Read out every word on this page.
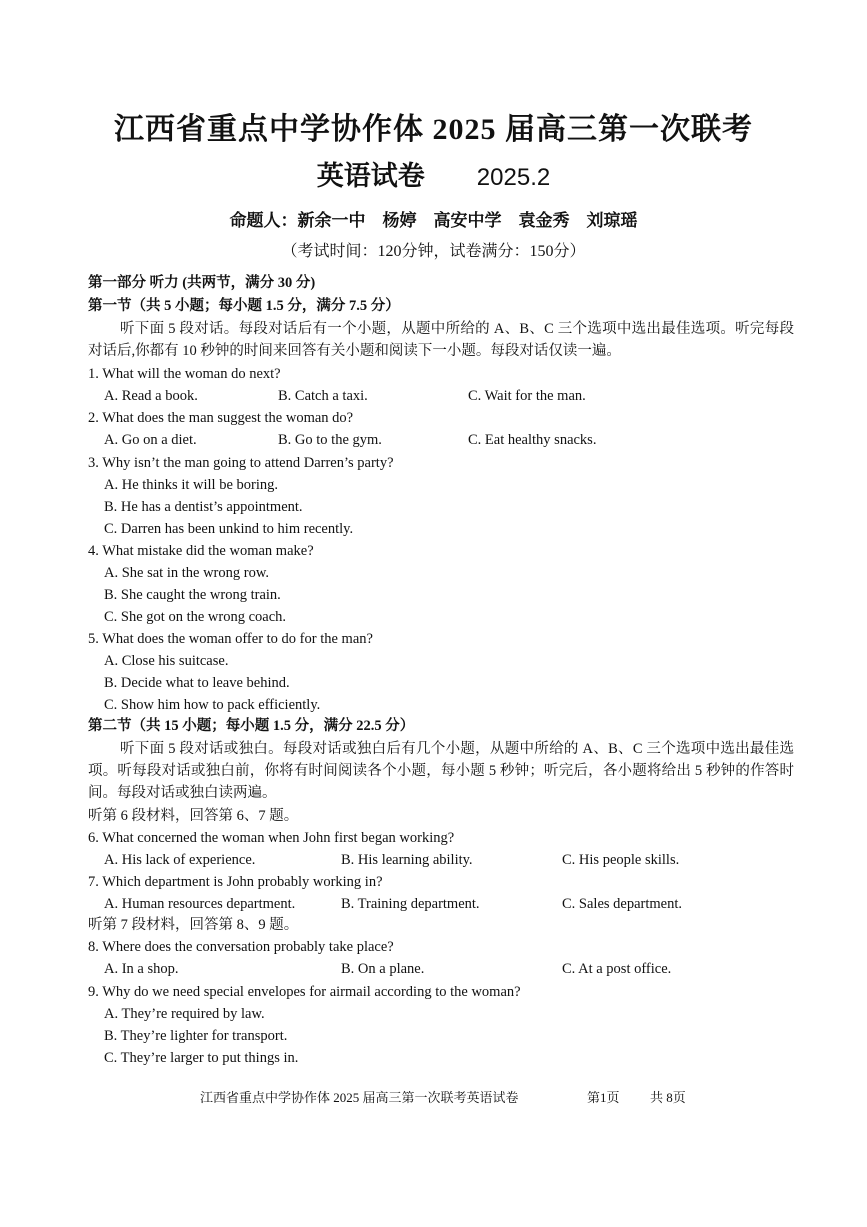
江西省重点中学协作体 2025 届高三第一次联考
英语试卷 2025.2
命题人：新余一中　杨婷　高安中学　袁金秀　刘琼瑶
（考试时间：120分钟，试卷满分：150分）
第一部分 听力 (共两节，满分 30 分)
第一节（共 5 小题；每小题 1.5 分，满分 7.5 分）
听下面 5 段对话。每段对话后有一个小题，从题中所给的 A、B、C 三个选项中选出最佳选项。听完每段对话后,你都有 10 秒钟的时间来回答有关小题和阅读下一小题。每段对话仅读一遍。
1. What will the woman do next?
A. Read a book.	B. Catch a taxi.	C. Wait for the man.
2. What does the man suggest the woman do?
A. Go on a diet.	B. Go to the gym.	C. Eat healthy snacks.
3. Why isn’t the man going to attend Darren’s party?
A. He thinks it will be boring.
B. He has a dentist’s appointment.
C. Darren has been unkind to him recently.
4. What mistake did the woman make?
A. She sat in the wrong row.
B. She caught the wrong train.
C. She got on the wrong coach.
5. What does the woman offer to do for the man?
A. Close his suitcase.
B. Decide what to leave behind.
C. Show him how to pack efficiently.
第二节（共 15 小题；每小题 1.5 分，满分 22.5 分）
听下面 5 段对话或独白。每段对话或独白后有几个小题，从题中所给的 A、B、C 三个选项中选出最佳选项。听每段对话或独白前，你将有时间阅读各个小题，每小题 5 秒钟；听完后，各小题将给出 5 秒钟的作答时间。每段对话或独白读两遍。
听第 6 段材料，回答第 6、7 题。
6. What concerned the woman when John first began working?
A. His lack of experience.	B. His learning ability.	C. His people skills.
7. Which department is John probably working in?
A. Human resources department.	B. Training department.	C. Sales department.
听第 7 段材料，回答第 8、9 题。
8. Where does the conversation probably take place?
A. In a shop.	B. On a plane.	C. At a post office.
9. Why do we need special envelopes for airmail according to the woman?
A. They’re required by law.
B. They’re lighter for transport.
C. They’re larger to put things in.
江西省重点中学协作体 2025 届高三第一次联考英语试卷	第1页 共 8页
